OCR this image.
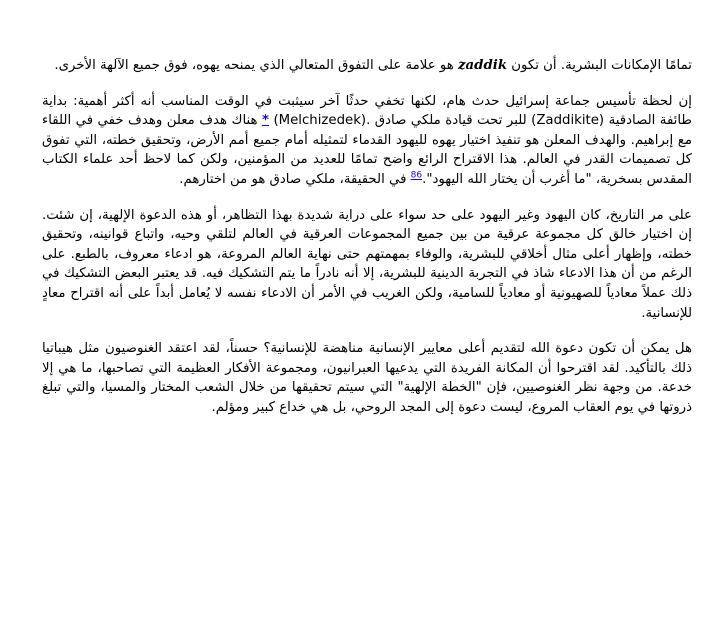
تمامًا الإمكانات البشرية. أن تكون zaddik هو علامة على التفوق المتعالي الذي يمنحه يهوه، فوق جميع الآلهة الأخرى.

إن لحظة تأسيس جماعة إسرائيل حدث هام، لكنها تخفي حدثًا آخر سيثبت في الوقت المناسب أنه أكثر أهمية: بداية طائفة الصادقية (Zaddikite) للبر تحت قيادة ملكي صادق (Melchizedek). * هناك هدف معلن وهدف خفي في اللقاء مع إبراهيم. والهدف المعلن هو تنفيذ اختيار يهوه لليهود القدماء لتمثيله أمام جميع أمم الأرض، وتحقيق خطته، التي تفوق كل تصميمات القدر في العالم. هذا الاقتراح الرائع واضح تمامًا للعديد من المؤمنين، ولكن كما لاحظ أحد علماء الكتاب المقدس بسخرية، "ما أغرب أن يختار الله اليهود".$^{86}$ في الحقيقة، ملكي صادق هو من اختارهم.

على مر التاريخ، كان اليهود وغير اليهود على حد سواء على دراية شديدة بهذا التظاهر، أو هذه الدعوة الإلهية، إن شئت. إن اختيار خالق كل مجموعة عرقية من بين جميع المجموعات العرقية في العالم لتلقي وحيه، واتباع قوانينه، وتحقيق خطته، وإظهار أعلى مثال أخلاقي للبشرية، والوفاء بمهمتهم حتى نهاية العالم المروعة، هو ادعاء معروف، بالطبع. على الرغم من أن هذا الادعاء شاذ في التجربة الدينية للبشرية، إلا أنه نادراً ما يتم التشكيك فيه. قد يعتبر البعض التشكيك في ذلك عملاً معادياً للصهيونية أو معادياً للسامية، ولكن الغريب في الأمر أن الادعاء نفسه لا يُعامل أبداً على أنه اقتراح معادٍ للإنسانية.

هل يمكن أن تكون دعوة الله لتقديم أعلى معايير الإنسانية مناهضة للإنسانية؟ حسناً، لقد اعتقد الغنوصيون مثل هيباتيا ذلك بالتأكيد. لقد اقترحوا أن المكانة الفريدة التي يدعيها العبرانيون، ومجموعة الأفكار العظيمة التي تصاحبها، ما هي إلا خدعة. من وجهة نظر الغنوصيين، فإن "الخطة الإلهية" التي سيتم تحقيقها من خلال الشعب المختار والمسيا، والتي تبلغ ذروتها في يوم العقاب المروع، ليست دعوة إلى المجد الروحي، بل هي خداع كبير ومؤلم.
